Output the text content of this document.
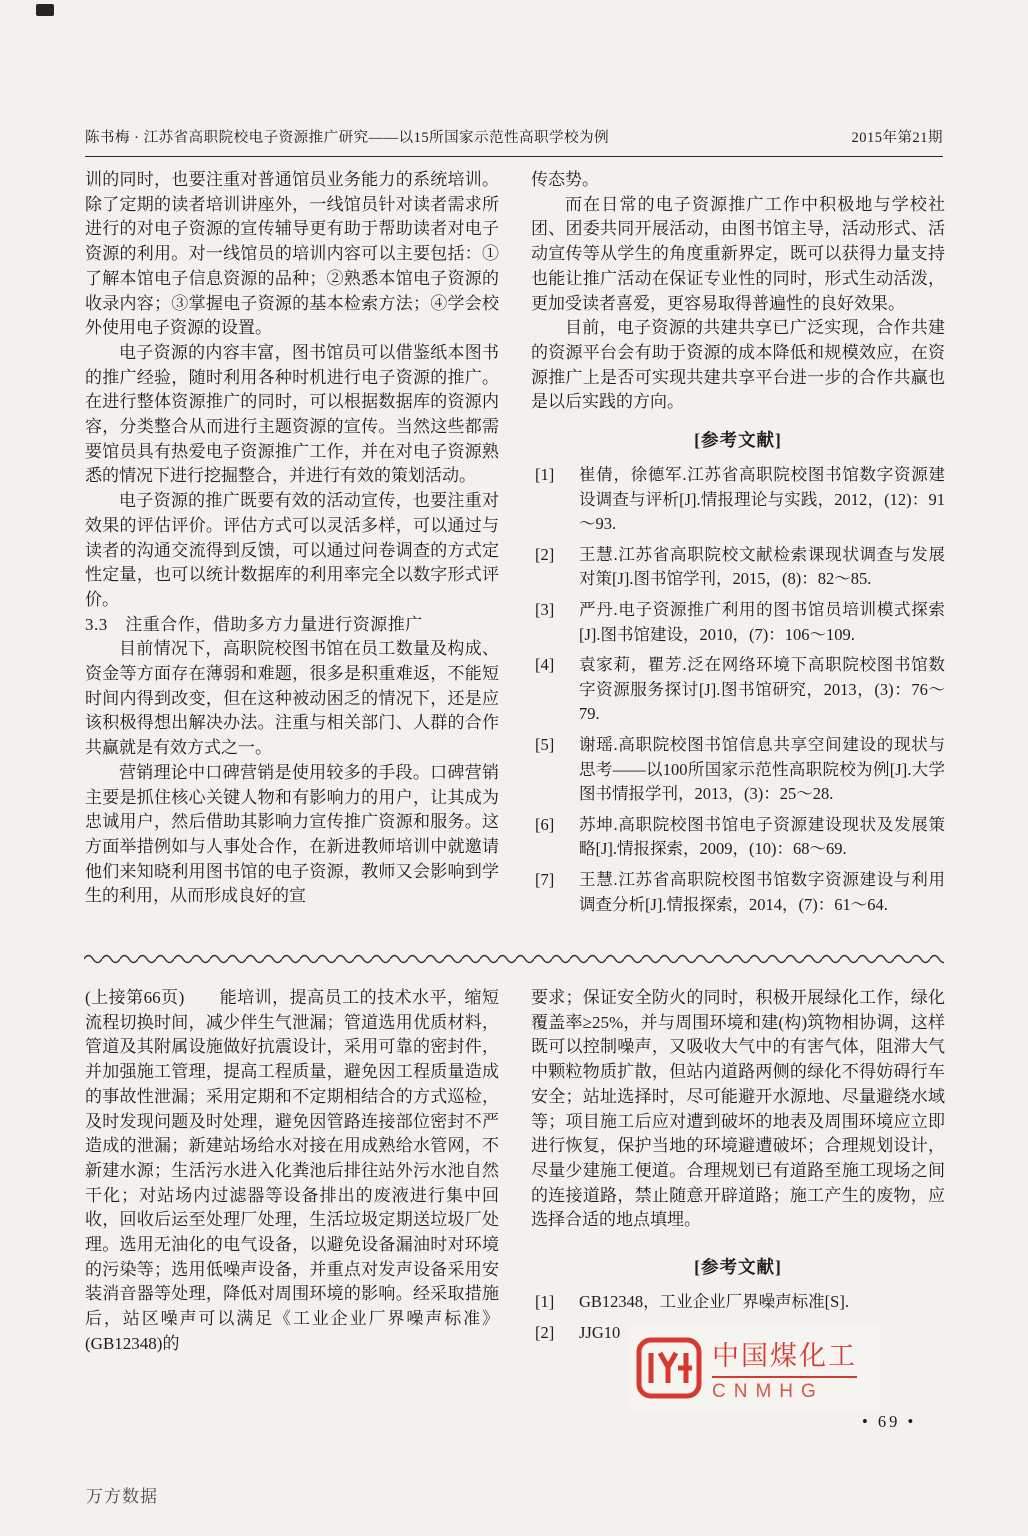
陈书梅 · 江苏省高职院校电子资源推广研究——以15所国家示范性高职学校为例	2015年第21期

训的同时，也要注重对普通馆员业务能力的系统培训。除了定期的读者培训讲座外，一线馆员针对读者需求所进行的对电子资源的宣传辅导更有助于帮助读者对电子资源的利用。对一线馆员的培训内容可以主要包括：①了解本馆电子信息资源的品种；②熟悉本馆电子资源的收录内容；③掌握电子资源的基本检索方法；④学会校外使用电子资源的设置。

电子资源的内容丰富，图书馆员可以借鉴纸本图书的推广经验，随时利用各种时机进行电子资源的推广。在进行整体资源推广的同时，可以根据数据库的资源内容，分类整合从而进行主题资源的宣传。当然这些都需要馆员具有热爱电子资源推广工作，并在对电子资源熟悉的情况下进行挖掘整合，并进行有效的策划活动。

电子资源的推广既要有效的活动宣传，也要注重对效果的评估评价。评估方式可以灵活多样，可以通过与读者的沟通交流得到反馈，可以通过问卷调查的方式定性定量，也可以统计数据库的利用率完全以数字形式评价。

3.3　注重合作，借助多方力量进行资源推广

目前情况下，高职院校图书馆在员工数量及构成、资金等方面存在薄弱和难题，很多是积重难返，不能短时间内得到改变，但在这种被动困乏的情况下，还是应该积极得想出解决办法。注重与相关部门、人群的合作共赢就是有效方式之一。

营销理论中口碑营销是使用较多的手段。口碑营销主要是抓住核心关键人物和有影响力的用户，让其成为忠诚用户，然后借助其影响力宣传推广资源和服务。这方面举措例如与人事处合作，在新进教师培训中就邀请他们来知晓利用图书馆的电子资源，教师又会影响到学生的利用，从而形成良好的宣

传态势。

而在日常的电子资源推广工作中积极地与学校社团、团委共同开展活动，由图书馆主导，活动形式、活动宣传等从学生的角度重新界定，既可以获得力量支持也能让推广活动在保证专业性的同时，形式生动活泼，更加受读者喜爱，更容易取得普遍性的良好效果。

目前，电子资源的共建共享已广泛实现，合作共建的资源平台会有助于资源的成本降低和规模效应，在资源推广上是否可实现共建共享平台进一步的合作共赢也是以后实践的方向。

[参考文献]
[1] 崔倩，徐德军.江苏省高职院校图书馆数字资源建设调查与评析[J].情报理论与实践，2012，(12)：91～93.
[2] 王慧.江苏省高职院校文献检索课现状调查与发展对策[J].图书馆学刊，2015，(8)：82～85.
[3] 严丹.电子资源推广利用的图书馆员培训模式探索[J].图书馆建设，2010，(7)：106～109.
[4] 袁家莉，瞿芳.泛在网络环境下高职院校图书馆数字资源服务探讨[J].图书馆研究，2013，(3)：76～79.
[5] 谢瑶.高职院校图书馆信息共享空间建设的现状与思考——以100所国家示范性高职院校为例[J].大学图书情报学刊，2013，(3)：25～28.
[6] 苏坤.高职院校图书馆电子资源建设现状及发展策略[J].情报探索，2009，(10)：68～69.
[7] 王慧.江苏省高职院校图书馆数字资源建设与利用调查分析[J].情报探索，2014，(7)：61～64.

(上接第66页)　　能培训，提高员工的技术水平，缩短流程切换时间，减少伴生气泄漏；管道选用优质材料，管道及其附属设施做好抗震设计，采用可靠的密封件，并加强施工管理，提高工程质量，避免因工程质量造成的事故性泄漏；采用定期和不定期相结合的方式巡检，及时发现问题及时处理，避免因管路连接部位密封不严造成的泄漏；新建站场给水对接在用成熟给水管网，不新建水源；生活污水进入化粪池后排往站外污水池自然干化；对站场内过滤器等设备排出的废液进行集中回收，回收后运至处理厂处理，生活垃圾定期送垃圾厂处理。选用无油化的电气设备，以避免设备漏油时对环境的污染等；选用低噪声设备，并重点对发声设备采用安装消音器等处理，降低对周围环境的影响。经采取措施后，站区噪声可以满足《工业企业厂界噪声标准》(GB12348)的

要求；保证安全防火的同时，积极开展绿化工作，绿化覆盖率≥25%，并与周围环境和建(构)筑物相协调，这样既可以控制噪声，又吸收大气中的有害气体，阻滞大气中颗粒物质扩散，但站内道路两侧的绿化不得妨碍行车安全；站址选择时，尽可能避开水源地、尽量避绕水域等；项目施工后应对遭到破坏的地表及周围环境应立即进行恢复，保护当地的环境避遭破坏；合理规划设计，尽量少建施工便道。合理规划已有道路至施工现场之间的连接道路，禁止随意开辟道路；施工产生的废物，应选择合适的地点填埋。

[参考文献]
[1] GB12348，工业企业厂界噪声标准[S].
[2] JJG10
中国煤化工
CNMHG
• 69 •
万方数据
